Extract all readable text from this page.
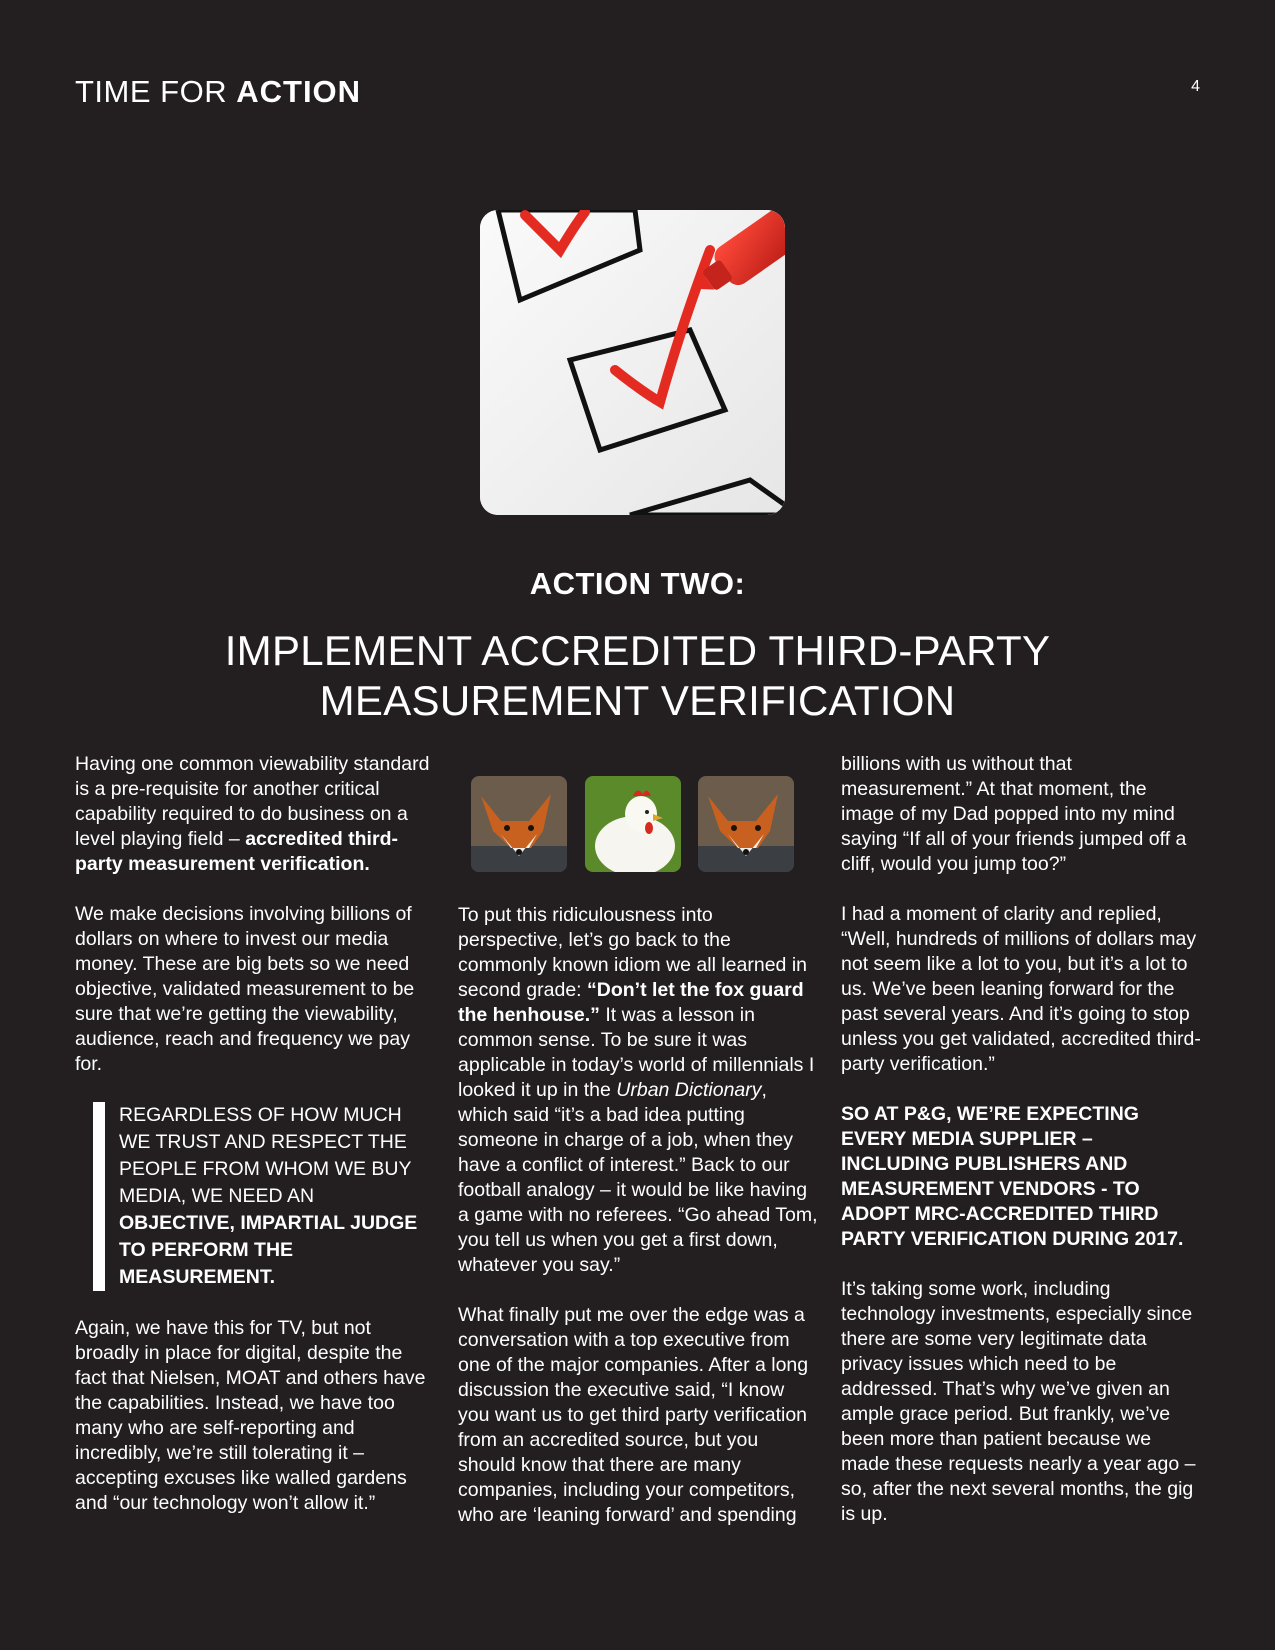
TIME FOR ACTION	4
ACTION TWO:
IMPLEMENT ACCREDITED THIRD-PARTY
MEASUREMENT VERIFICATION

Having one common viewability standard is a pre-requisite for another critical capability required to do business on a level playing field – accredited third-party measurement verification.

We make decisions involving billions of dollars on where to invest our media money. These are big bets so we need objective, validated measurement to be sure that we’re getting the viewability, audience, reach and frequency we pay for.

REGARDLESS OF HOW MUCH WE TRUST AND RESPECT THE PEOPLE FROM WHOM WE BUY MEDIA, WE NEED AN OBJECTIVE, IMPARTIAL JUDGE TO PERFORM THE MEASUREMENT.

Again, we have this for TV, but not broadly in place for digital, despite the fact that Nielsen, MOAT and others have the capabilities. Instead, we have too many who are self-reporting and incredibly, we’re still tolerating it – accepting excuses like walled gardens and “our technology won’t allow it.”

To put this ridiculousness into perspective, let’s go back to the commonly known idiom we all learned in second grade: “Don’t let the fox guard the henhouse.” It was a lesson in common sense. To be sure it was applicable in today’s world of millennials I looked it up in the Urban Dictionary, which said “it’s a bad idea putting someone in charge of a job, when they have a conflict of interest.” Back to our football analogy – it would be like having a game with no referees. “Go ahead Tom, you tell us when you get a first down, whatever you say.”

What finally put me over the edge was a conversation with a top executive from one of the major companies. After a long discussion the executive said, “I know you want us to get third party verification from an accredited source, but you should know that there are many companies, including your competitors, who are ‘leaning forward’ and spending

billions with us without that measurement.” At that moment, the image of my Dad popped into my mind saying “If all of your friends jumped off a cliff, would you jump too?”

I had a moment of clarity and replied, “Well, hundreds of millions of dollars may not seem like a lot to you, but it’s a lot to us. We’ve been leaning forward for the past several years. And it’s going to stop unless you get validated, accredited third-party verification.”

SO AT P&G, WE’RE EXPECTING EVERY MEDIA SUPPLIER – INCLUDING PUBLISHERS AND MEASUREMENT VENDORS - TO ADOPT MRC-ACCREDITED THIRD PARTY VERIFICATION DURING 2017.

It’s taking some work, including technology investments, especially since there are some very legitimate data privacy issues which need to be addressed. That’s why we’ve given an ample grace period. But frankly, we’ve been more than patient because we made these requests nearly a year ago – so, after the next several months, the gig is up.
